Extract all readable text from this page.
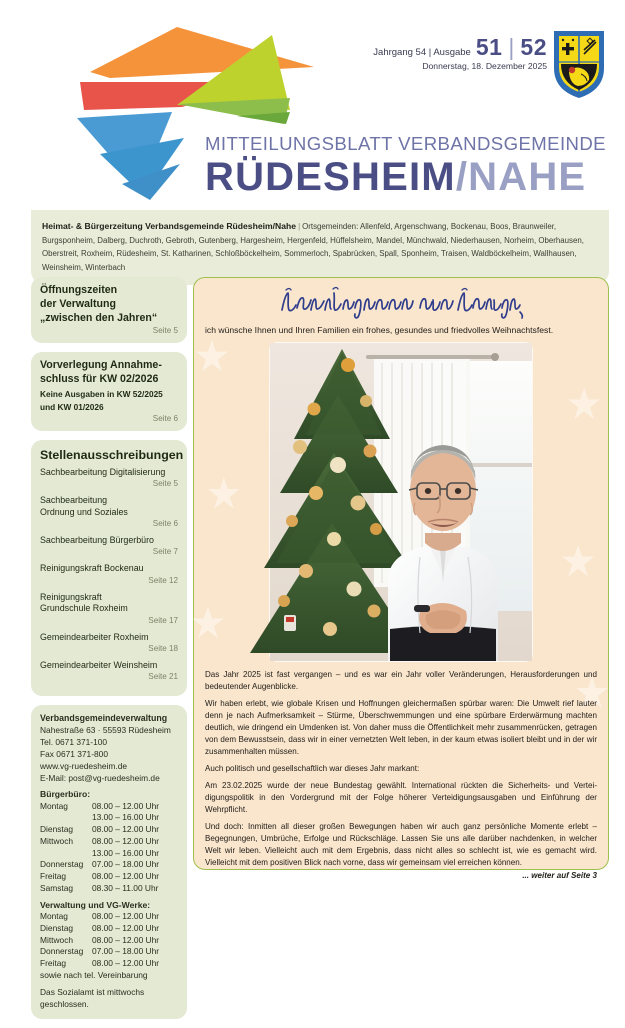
Jahrgang 54 | Ausgabe 51 | 52
Donnerstag, 18. Dezember 2025
MITTEILUNGSBLATT VERBANDSGEMEINDE
RÜDESHEIM/NAHE
Heimat- & Bürgerzeitung Verbandsgemeinde Rüdesheim/Nahe | Ortsgemeinden: Allenfeld, Argenschwang, Bockenau, Boos, Braunweiler, Burgsponheim, Dalberg, Duchroth, Gebroth, Gutenberg, Hargesheim, Hergenfeld, Hüffelsheim, Mandel, Münchwald, Niederhausen, Norheim, Oberhausen, Oberstreit, Roxheim, Rüdesheim, St. Katharinen, Schloßböckelheim, Sommerloch, Spabrücken, Spall, Sponheim, Traisen, Waldböckelheim, Wallhausen, Weinsheim, Winterbach
Öffnungszeiten
der Verwaltung
„zwischen den Jahren“
Seite 5
Vorverlegung Annahme-
schluss für KW 02/2026
Keine Ausgaben in KW 52/2025
und KW 01/2026
Seite 6
Stellenausschreibungen
Sachbearbeitung Digitalisierung
Seite 5
Sachbearbeitung
Ordnung und Soziales
Seite 6
Sachbearbeitung Bürgerbüro
Seite 7
Reinigungskraft Bockenau
Seite 12
Reinigungskraft
Grundschule Roxheim
Seite 17
Gemeindearbeiter Roxheim
Seite 18
Gemeindearbeiter Weinsheim
Seite 21
Verbandsgemeindeverwaltung
Nahestraße 63 · 55593 Rüdesheim
Tel. 0671 371-100
Fax 0671 371-800
www.vg-ruedesheim.de
E-Mail: post@vg-ruedesheim.de
Bürgerbüro:
Montag	08.00 – 12.00 Uhr
	13.00 – 16.00 Uhr
Dienstag	08.00 – 12.00 Uhr
Mittwoch	08.00 – 12.00 Uhr
	13.00 – 16.00 Uhr
Donnerstag	07.00 – 18.00 Uhr
Freitag	08.00 – 12.00 Uhr
Samstag	08.30 – 11.00 Uhr
Verwaltung und VG-Werke:
Montag	08.00 – 12.00 Uhr
Dienstag	08.00 – 12.00 Uhr
Mittwoch	08.00 – 12.00 Uhr
Donnerstag	07.00 – 18.00 Uhr
Freitag	08.00 – 12.00 Uhr
sowie nach tel. Vereinbarung
Das Sozialamt ist mittwochs
geschlossen.
ich wünsche Ihnen und Ihren Familien ein frohes, gesundes und friedvolles Weihnachtsfest.

Das Jahr 2025 ist fast vergangen – und es war ein Jahr voller Veränderungen, Herausforderungen und bedeutender Augenblicke.

Wir haben erlebt, wie globale Krisen und Hoffnungen gleichermaßen spürbar waren: Die Umwelt rief lauter denn je nach Aufmerksamkeit – Stürme, Überschwemmungen und eine spürbare Erderwärmung machten deutlich, wie dringend ein Umdenken ist. Von daher muss die Öffentlichkeit mehr zusammenrücken, getragen von dem Bewusstsein, dass wir in einer vernetzten Welt leben, in der kaum etwas isoliert bleibt und in der wir zusammenhalten müssen.

Auch politisch und gesellschaftlich war dieses Jahr markant:

Am 23.02.2025 wurde der neue Bundestag gewählt. International rückten die Sicherheits- und Verteidigungspolitik in den Vordergrund mit der Folge höherer Verteidigungsausgaben und Einführung der Wehrpflicht.

Und doch: Inmitten all dieser großen Bewegungen haben wir auch ganz persönliche Momente erlebt – Begegnungen, Umbrüche, Erfolge und Rückschläge. Lassen Sie uns alle darüber nachdenken, in welcher Welt wir leben. Vielleicht auch mit dem Ergebnis, dass nicht alles so schlecht ist, wie es gemacht wird. Vielleicht mit dem positiven Blick nach vorne, dass wir gemeinsam viel erreichen können.

... weiter auf Seite 3
